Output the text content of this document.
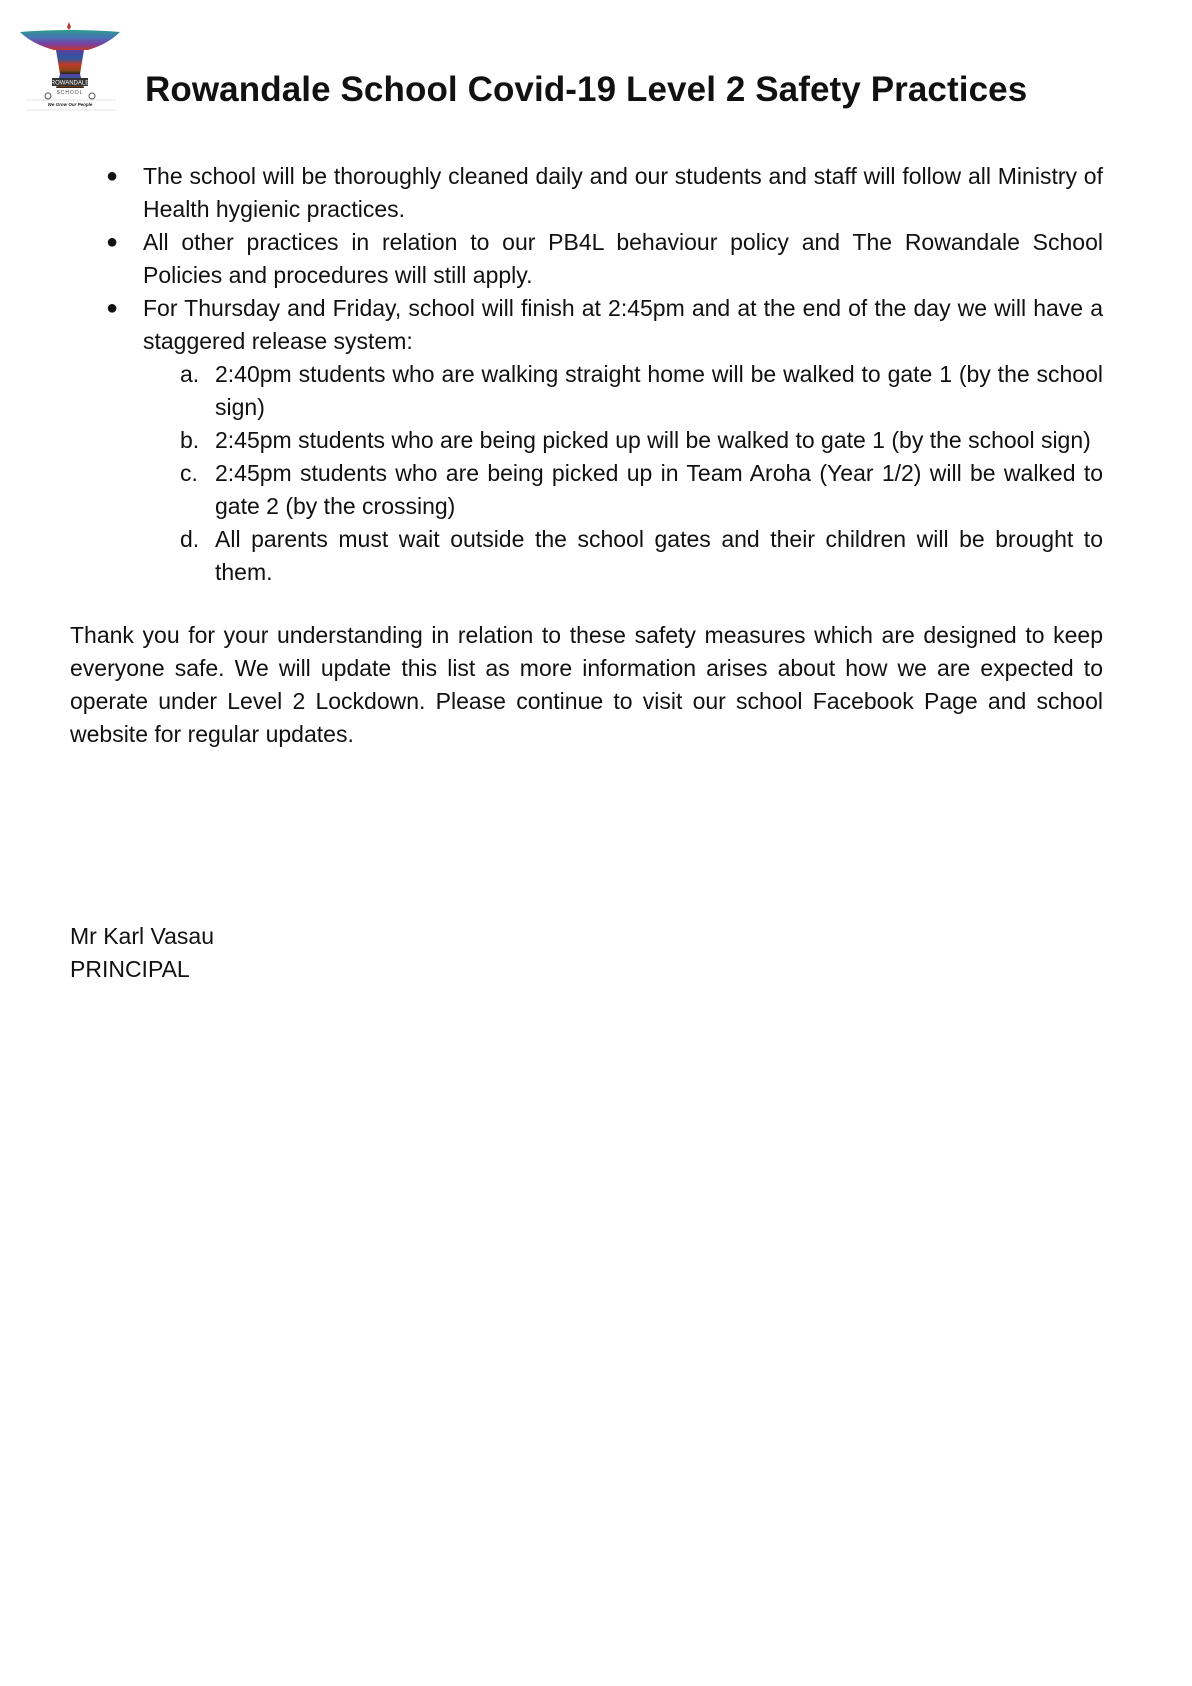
ROWANDALE
SCHOOL
We Grow Our People Rowandale School Covid-19 Level 2 Safety Practices
● The school will be thoroughly cleaned daily and our students and staff will follow all Ministry of Health hygienic practices.
● All other practices in relation to our PB4L behaviour policy and The Rowandale School Policies and procedures will still apply.
● For Thursday and Friday, school will finish at 2:45pm and at the end of the day we will have a staggered release system:
a. 2:40pm students who are walking straight home will be walked to gate 1 (by the school sign)
b. 2:45pm students who are being picked up will be walked to gate 1 (by the school sign)
c. 2:45pm students who are being picked up in Team Aroha (Year 1/2) will be walked to gate 2 (by the crossing)
d. All parents must wait outside the school gates and their children will be brought to them.

Thank you for your understanding in relation to these safety measures which are designed to keep everyone safe. We will update this list as more information arises about how we are expected to operate under Level 2 Lockdown. Please continue to visit our school Facebook Page and school website for regular updates.

Mr Karl Vasau
PRINCIPAL
